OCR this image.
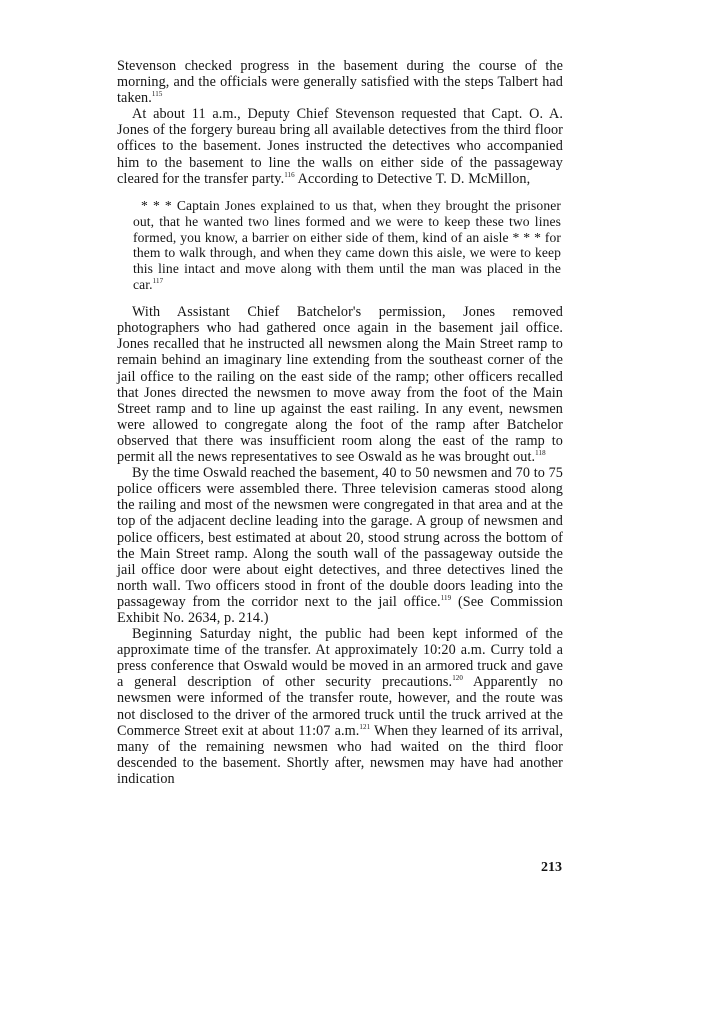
Stevenson checked progress in the basement during the course of the morning, and the officials were generally satisfied with the steps Talbert had taken.$^{115}$

At about 11 a.m., Deputy Chief Stevenson requested that Capt. O. A. Jones of the forgery bureau bring all available detectives from the third floor offices to the basement. Jones instructed the detectives who accompanied him to the basement to line the walls on either side of the passageway cleared for the transfer party.$^{116}$ According to Detective T. D. McMillon,

* * * Captain Jones explained to us that, when they brought the prisoner out, that he wanted two lines formed and we were to keep these two lines formed, you know, a barrier on either side of them, kind of an aisle * * * for them to walk through, and when they came down this aisle, we were to keep this line intact and move along with them until the man was placed in the car.$^{117}$

With Assistant Chief Batchelor's permission, Jones removed photographers who had gathered once again in the basement jail office. Jones recalled that he instructed all newsmen along the Main Street ramp to remain behind an imaginary line extending from the southeast corner of the jail office to the railing on the east side of the ramp; other officers recalled that Jones directed the newsmen to move away from the foot of the Main Street ramp and to line up against the east railing. In any event, newsmen were allowed to congregate along the foot of the ramp after Batchelor observed that there was insufficient room along the east of the ramp to permit all the news representatives to see Oswald as he was brought out.$^{118}$

By the time Oswald reached the basement, 40 to 50 newsmen and 70 to 75 police officers were assembled there. Three television cameras stood along the railing and most of the newsmen were congregated in that area and at the top of the adjacent decline leading into the garage. A group of newsmen and police officers, best estimated at about 20, stood strung across the bottom of the Main Street ramp. Along the south wall of the passageway outside the jail office door were about eight detectives, and three detectives lined the north wall. Two officers stood in front of the double doors leading into the passageway from the corridor next to the jail office.$^{119}$ (See Commission Exhibit No. 2634, p. 214.)

Beginning Saturday night, the public had been kept informed of the approximate time of the transfer. At approximately 10:20 a.m. Curry told a press conference that Oswald would be moved in an armored truck and gave a general description of other security precautions.$^{120}$ Apparently no newsmen were informed of the transfer route, however, and the route was not disclosed to the driver of the armored truck until the truck arrived at the Commerce Street exit at about 11:07 a.m.$^{121}$ When they learned of its arrival, many of the remaining newsmen who had waited on the third floor descended to the basement. Shortly after, newsmen may have had another indication

213
